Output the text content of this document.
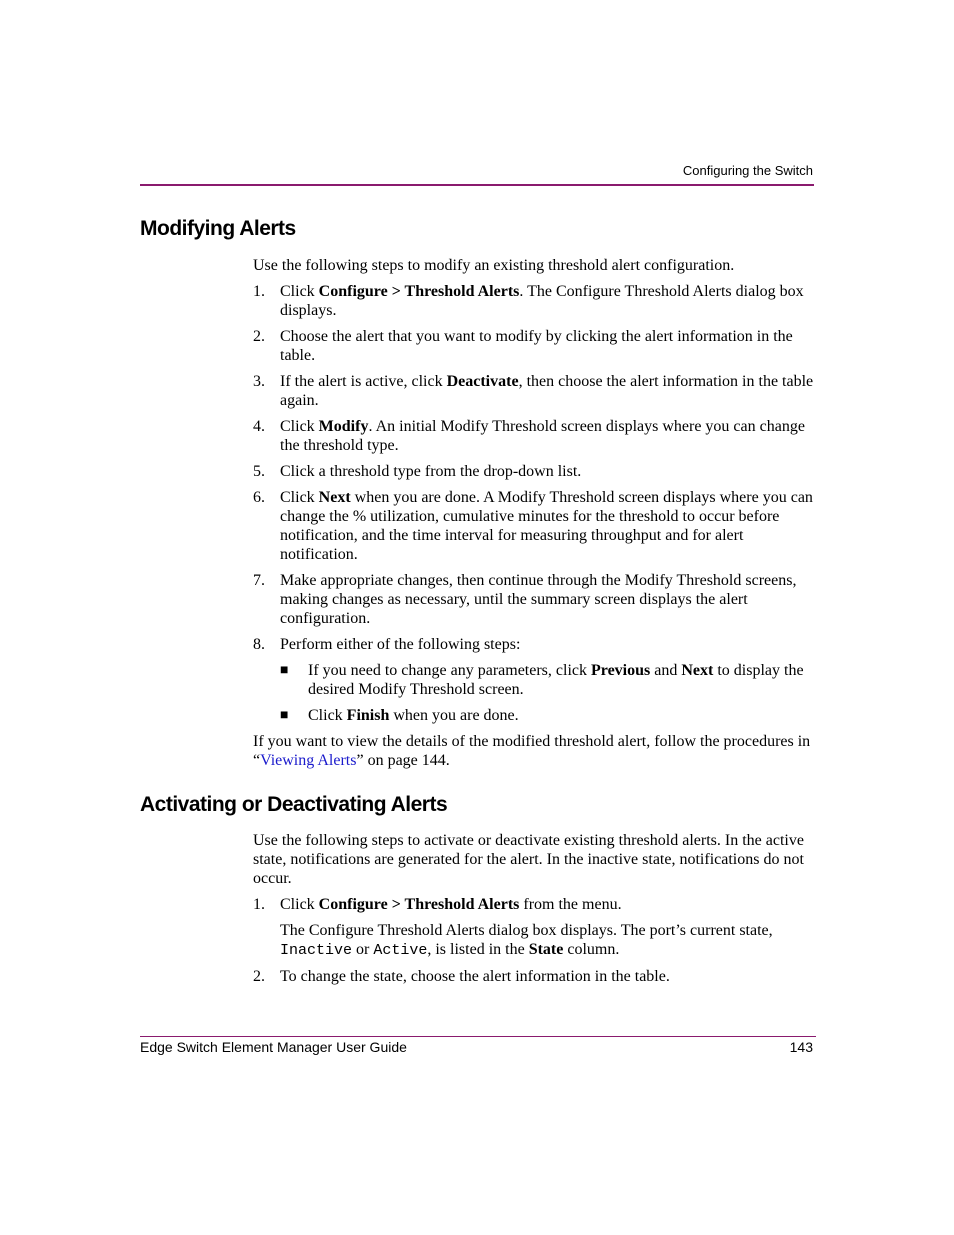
Configuring the Switch
Modifying Alerts

Use the following steps to modify an existing threshold alert configuration.

1. Click Configure > Threshold Alerts. The Configure Threshold Alerts dialog box displays.

2. Choose the alert that you want to modify by clicking the alert information in the table.

3. If the alert is active, click Deactivate, then choose the alert information in the table again.

4. Click Modify. An initial Modify Threshold screen displays where you can change the threshold type.

5. Click a threshold type from the drop-down list.

6. Click Next when you are done. A Modify Threshold screen displays where you can change the % utilization, cumulative minutes for the threshold to occur before notification, and the time interval for measuring throughput and for alert notification.

7. Make appropriate changes, then continue through the Modify Threshold screens, making changes as necessary, until the summary screen displays the alert configuration.

8. Perform either of the following steps:

■ If you need to change any parameters, click Previous and Next to display the desired Modify Threshold screen.

■ Click Finish when you are done.

If you want to view the details of the modified threshold alert, follow the procedures in “Viewing Alerts” on page 144.

Activating or Deactivating Alerts

Use the following steps to activate or deactivate existing threshold alerts. In the active state, notifications are generated for the alert. In the inactive state, notifications do not occur.

1. Click Configure > Threshold Alerts from the menu.

The Configure Threshold Alerts dialog box displays. The port’s current state, Inactive or Active, is listed in the State column.

2. To change the state, choose the alert information in the table.

Edge Switch Element Manager User Guide	143
